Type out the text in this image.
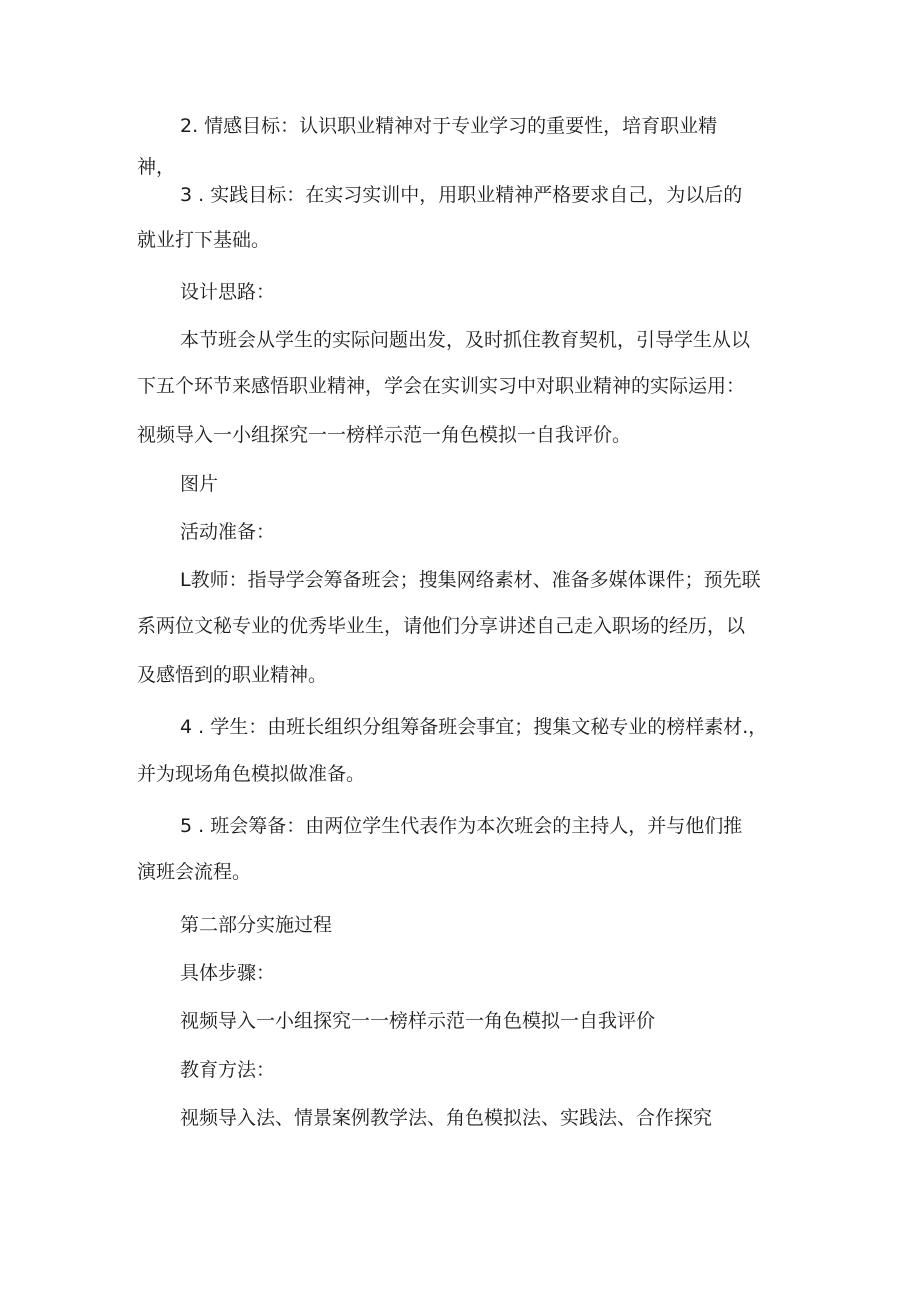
2. 情感目标：认识职业精神对于专业学习的重要性，培育职业精
神，

3 . 实践目标：在实习实训中，用职业精神严格要求自己，为以后的
就业打下基础。

设计思路：

本节班会从学生的实际问题出发，及时抓住教育契机，引导学生从以
下五个环节来感悟职业精神，学会在实训实习中对职业精神的实际运用：
视频导入一小组探究一一榜样示范一角色模拟一自我评价。

图片

活动准备：

L教师：指导学会筹备班会；搜集网络素材、准备多媒体课件；预先联
系两位文秘专业的优秀毕业生，请他们分享讲述自己走入职场的经历，以
及感悟到的职业精神。

4 . 学生：由班长组织分组筹备班会事宜；搜集文秘专业的榜样素材.，
并为现场角色模拟做准备。

5 . 班会筹备：由两位学生代表作为本次班会的主持人，并与他们推
演班会流程。

第二部分实施过程

具体步骤：

视频导入一小组探究一一榜样示范一角色模拟一自我评价

教育方法：

视频导入法、情景案例教学法、角色模拟法、实践法、合作探究
